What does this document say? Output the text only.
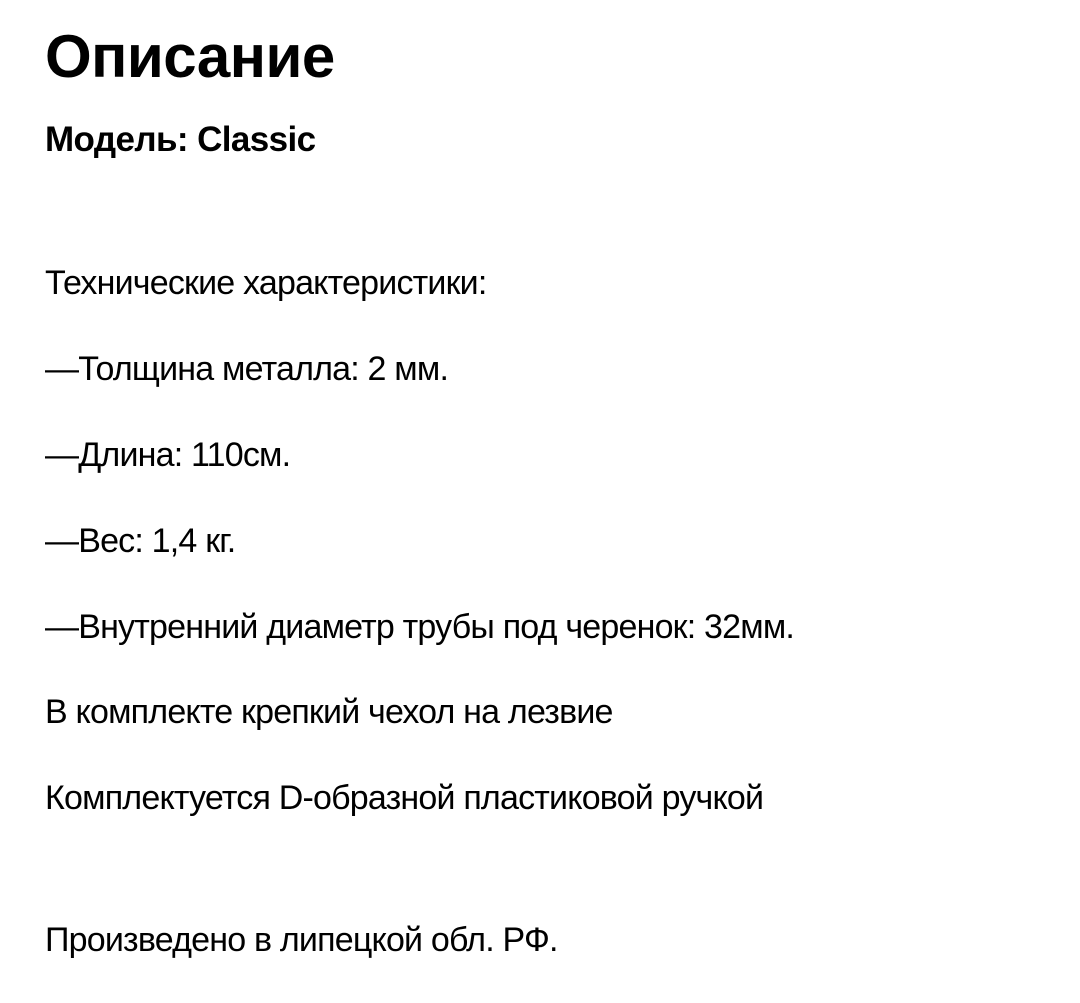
Описание

Модель: Classic

Технические характеристики:

—Толщина металла: 2 мм.

—Длина: 110см.

—Вес: 1,4 кг.

—Внутренний диаметр трубы под черенок: 32мм.

В комплекте крепкий чехол на лезвие

Комплектуется D-образной пластиковой ручкой

Произведено в липецкой обл. РФ.
